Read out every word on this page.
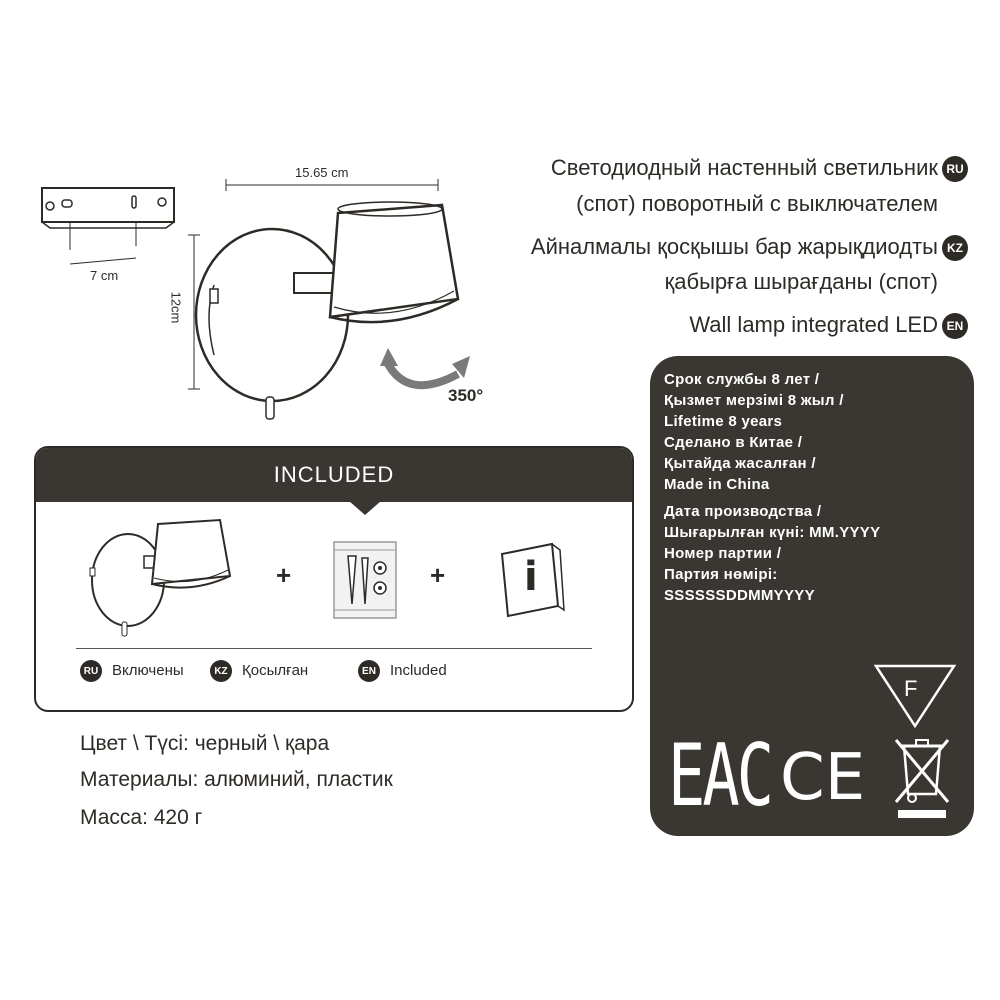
7 cm
15.65 cm
12cm
350°
Светодиодный настенный светильник RU
(спот) поворотный с выключателем
Айналмалы қосқышы бар жарықдиодты KZ
қабырға шырағданы (спот)
Wall lamp integrated LED EN
INCLUDED
+	+ i
RU Включены	KZ Қосылған	EN Included
Цвет \ Түсі: черный \ қара
Материалы: алюминий, пластик
Масса: 420 г
Срок службы 8 лет /
Қызмет мерзімі 8 жыл /
Lifetime 8 years
Сделано в Китае /
Қытайда жасалған /
Made in China
Дата производства /
Шығарылған күні: MM.YYYY
Номер партии /
Партия нөмірі:
SSSSSSDDMMYYYY
F
EAC CE
